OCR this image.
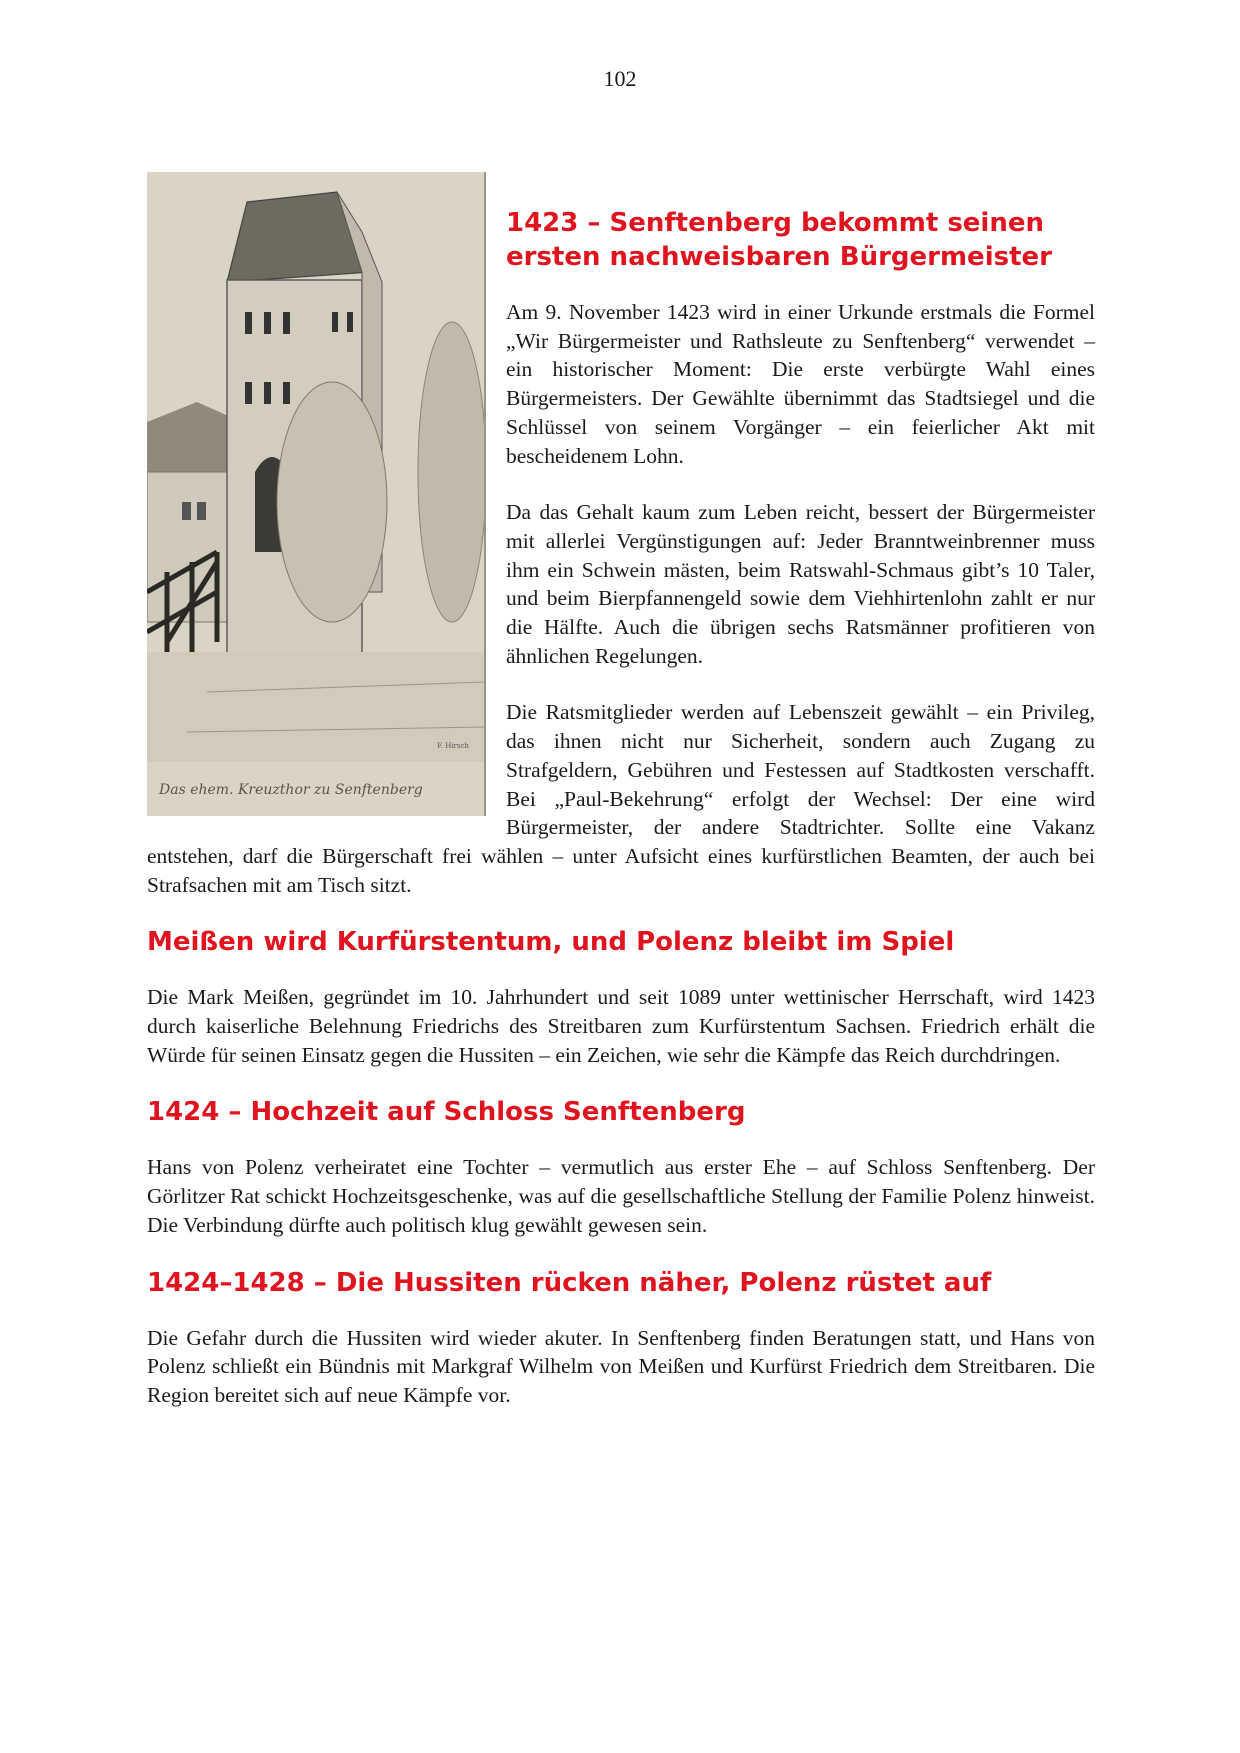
102
F. Hirsch
Das ehem. Kreuzthor zu Senftenberg
1423 – Senftenberg bekommt seinen ersten nachweisbaren Bürgermeister

Am 9. November 1423 wird in einer Urkunde erstmals die Formel „Wir Bürgermeister und Rathsleute zu Senftenberg“ verwendet – ein historischer Moment: Die erste verbürgte Wahl eines Bürgermeisters. Der Gewählte übernimmt das Stadtsiegel und die Schlüssel von seinem Vorgänger – ein feierlicher Akt mit bescheidenem Lohn.

Da das Gehalt kaum zum Leben reicht, bessert der Bürgermeister mit allerlei Vergünstigungen auf: Jeder Branntweinbrenner muss ihm ein Schwein mästen, beim Ratswahl-Schmaus gibt’s 10 Taler, und beim Bierpfannengeld sowie dem Viehhirtenlohn zahlt er nur die Hälfte. Auch die übrigen sechs Ratsmänner profitieren von ähnlichen Regelungen.

Die Ratsmitglieder werden auf Lebenszeit gewählt – ein Privileg, das ihnen nicht nur Sicherheit, sondern auch Zugang zu Strafgeldern, Gebühren und Festessen auf Stadtkosten verschafft. Bei „Paul-Bekehrung“ erfolgt der Wechsel: Der eine wird Bürgermeister, der andere Stadtrichter. Sollte eine Vakanz entstehen, darf die Bürgerschaft frei wählen – unter Aufsicht eines kurfürstlichen Beamten, der auch bei Strafsachen mit am Tisch sitzt.

Meißen wird Kurfürstentum, und Polenz bleibt im Spiel

Die Mark Meißen, gegründet im 10. Jahrhundert und seit 1089 unter wettinischer Herrschaft, wird 1423 durch kaiserliche Belehnung Friedrichs des Streitbaren zum Kurfürstentum Sachsen. Friedrich erhält die Würde für seinen Einsatz gegen die Hussiten – ein Zeichen, wie sehr die Kämpfe das Reich durchdringen.

1424 – Hochzeit auf Schloss Senftenberg

Hans von Polenz verheiratet eine Tochter – vermutlich aus erster Ehe – auf Schloss Senftenberg. Der Görlitzer Rat schickt Hochzeitsgeschenke, was auf die gesellschaftliche Stellung der Familie Polenz hinweist. Die Verbindung dürfte auch politisch klug gewählt gewesen sein.

1424–1428 – Die Hussiten rücken näher, Polenz rüstet auf

Die Gefahr durch die Hussiten wird wieder akuter. In Senftenberg finden Beratungen statt, und Hans von Polenz schließt ein Bündnis mit Markgraf Wilhelm von Meißen und Kurfürst Friedrich dem Streitbaren. Die Region bereitet sich auf neue Kämpfe vor.
